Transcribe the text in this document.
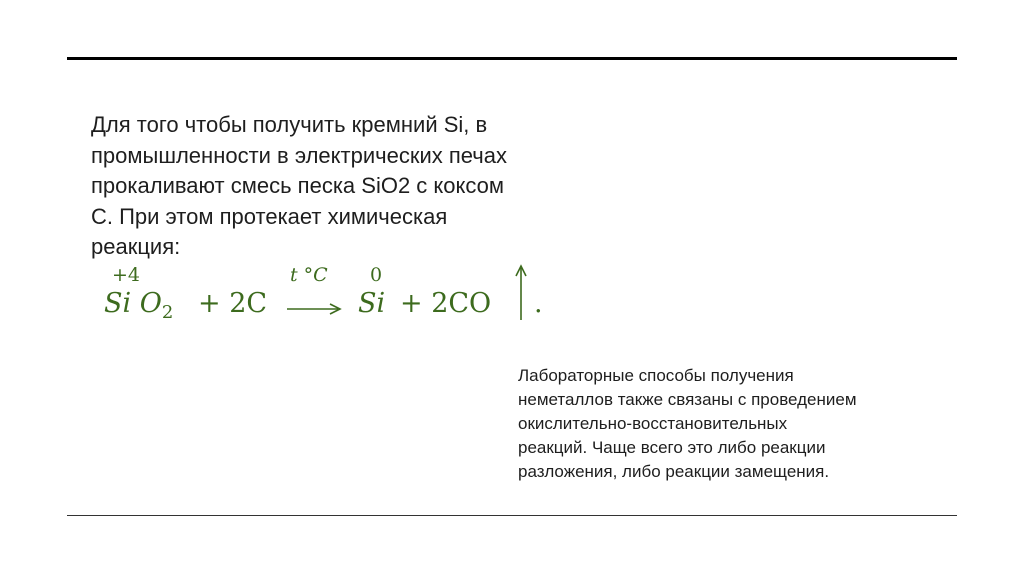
Для того чтобы получить кремний Si, в
промышленности в электрических печах
прокаливают смесь песка SiO2 с коксом
С. При этом протекает химическая
реакция:
+4
Si $O_2 + 2C$
t °C 0
Si + 2CO .
Лабораторные способы получения
неметаллов также связаны с проведением
окислительно-восстановительных
реакций. Чаще всего это либо реакции
разложения, либо реакции замещения.
